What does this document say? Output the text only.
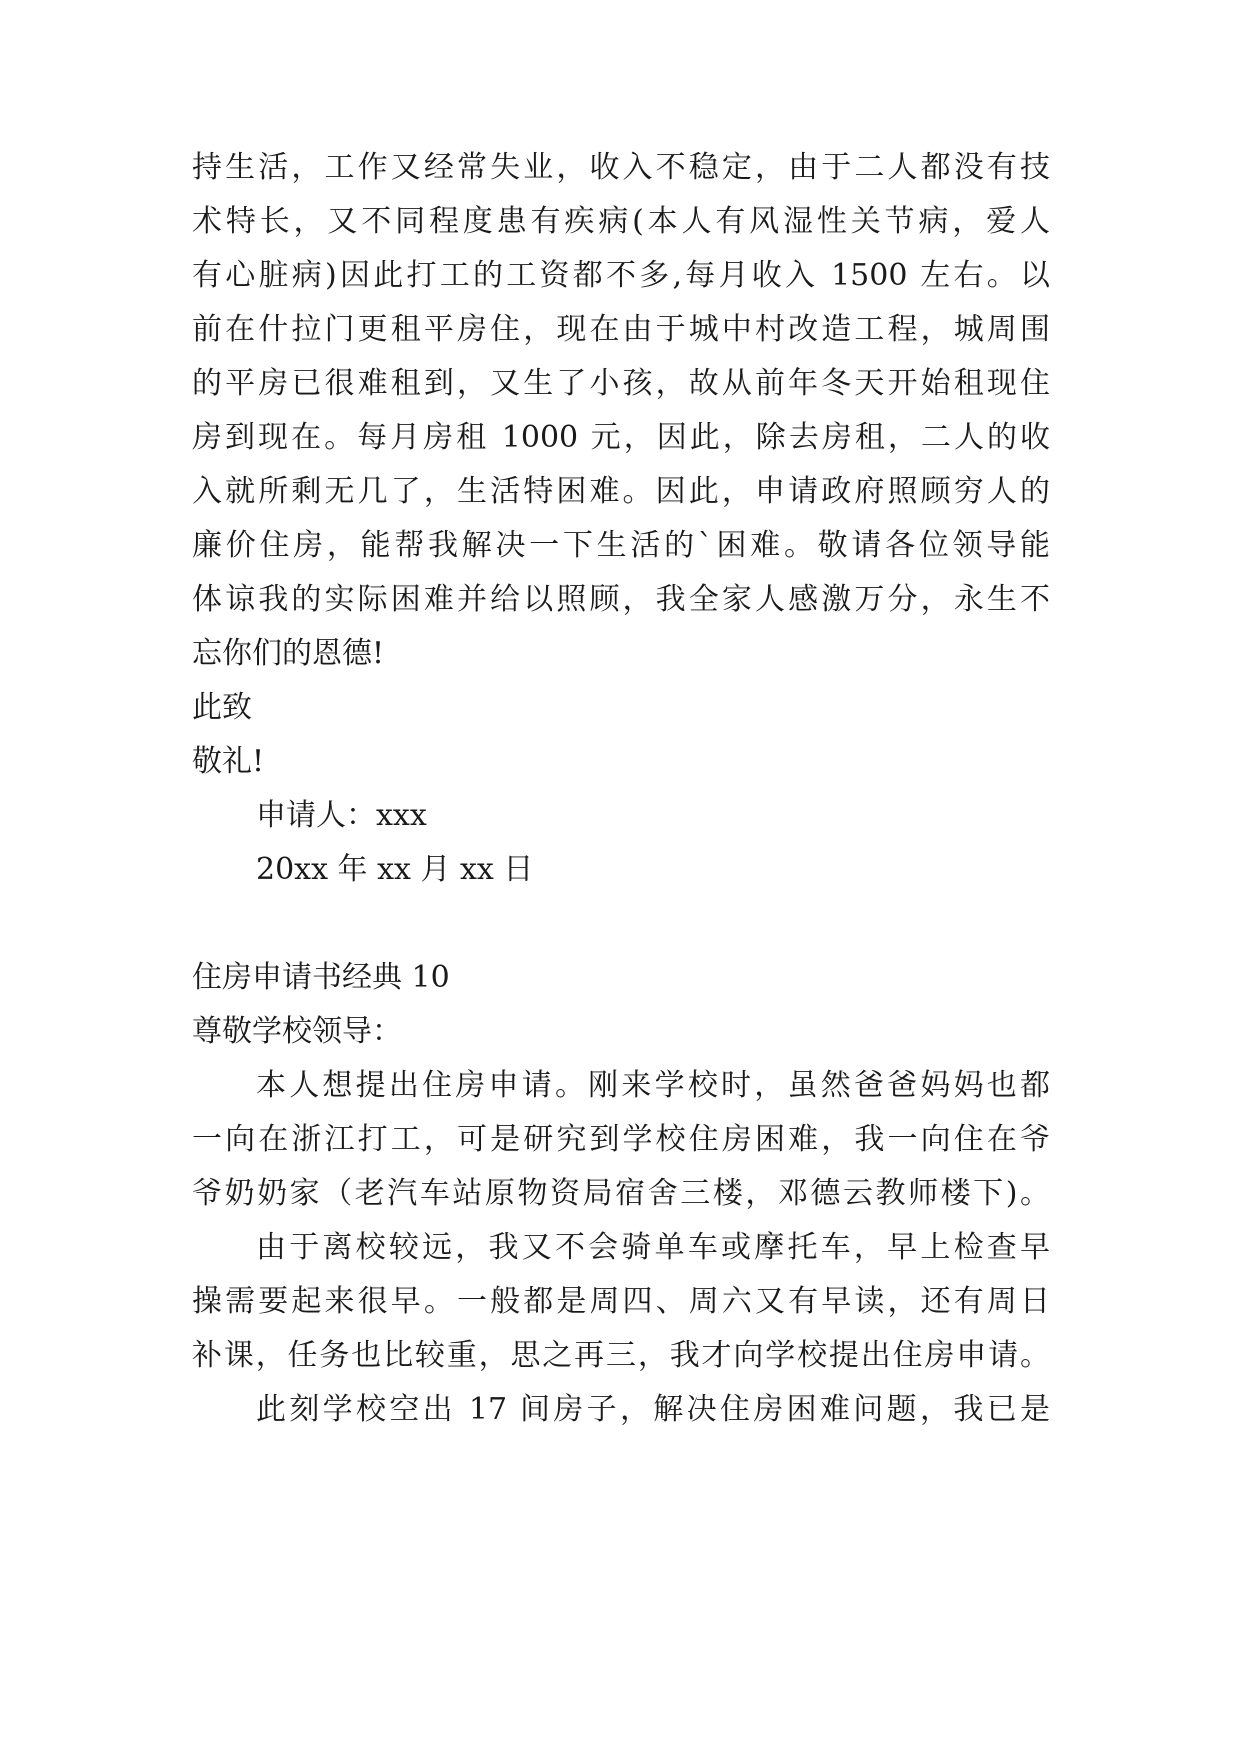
持生活，工作又经常失业，收入不稳定，由于二人都没有技
术特长，又不同程度患有疾病(本人有风湿性关节病，爱人
有心脏病)因此打工的工资都不多,每月收入 1500 左右。以
前在什拉门更租平房住，现在由于城中村改造工程，城周围
的平房已很难租到，又生了小孩，故从前年冬天开始租现住
房到现在。每月房租 1000 元，因此，除去房租，二人的收
入就所剩无几了，生活特困难。因此，申请政府照顾穷人的
廉价住房，能帮我解决一下生活的`困难。敬请各位领导能
体谅我的实际困难并给以照顾，我全家人感激万分，永生不
忘你们的恩德!
此致
敬礼!
申请人：xxx
20xx 年 xx 月 xx 日
住房申请书经典 10
尊敬学校领导：
本人想提出住房申请。刚来学校时，虽然爸爸妈妈也都
一向在浙江打工，可是研究到学校住房困难，我一向住在爷
爷奶奶家（老汽车站原物资局宿舍三楼，邓德云教师楼下)。
由于离校较远，我又不会骑单车或摩托车，早上检查早
操需要起来很早。一般都是周四、周六又有早读，还有周日
补课，任务也比较重，思之再三，我才向学校提出住房申请。
此刻学校空出 17 间房子，解决住房困难问题，我已是
